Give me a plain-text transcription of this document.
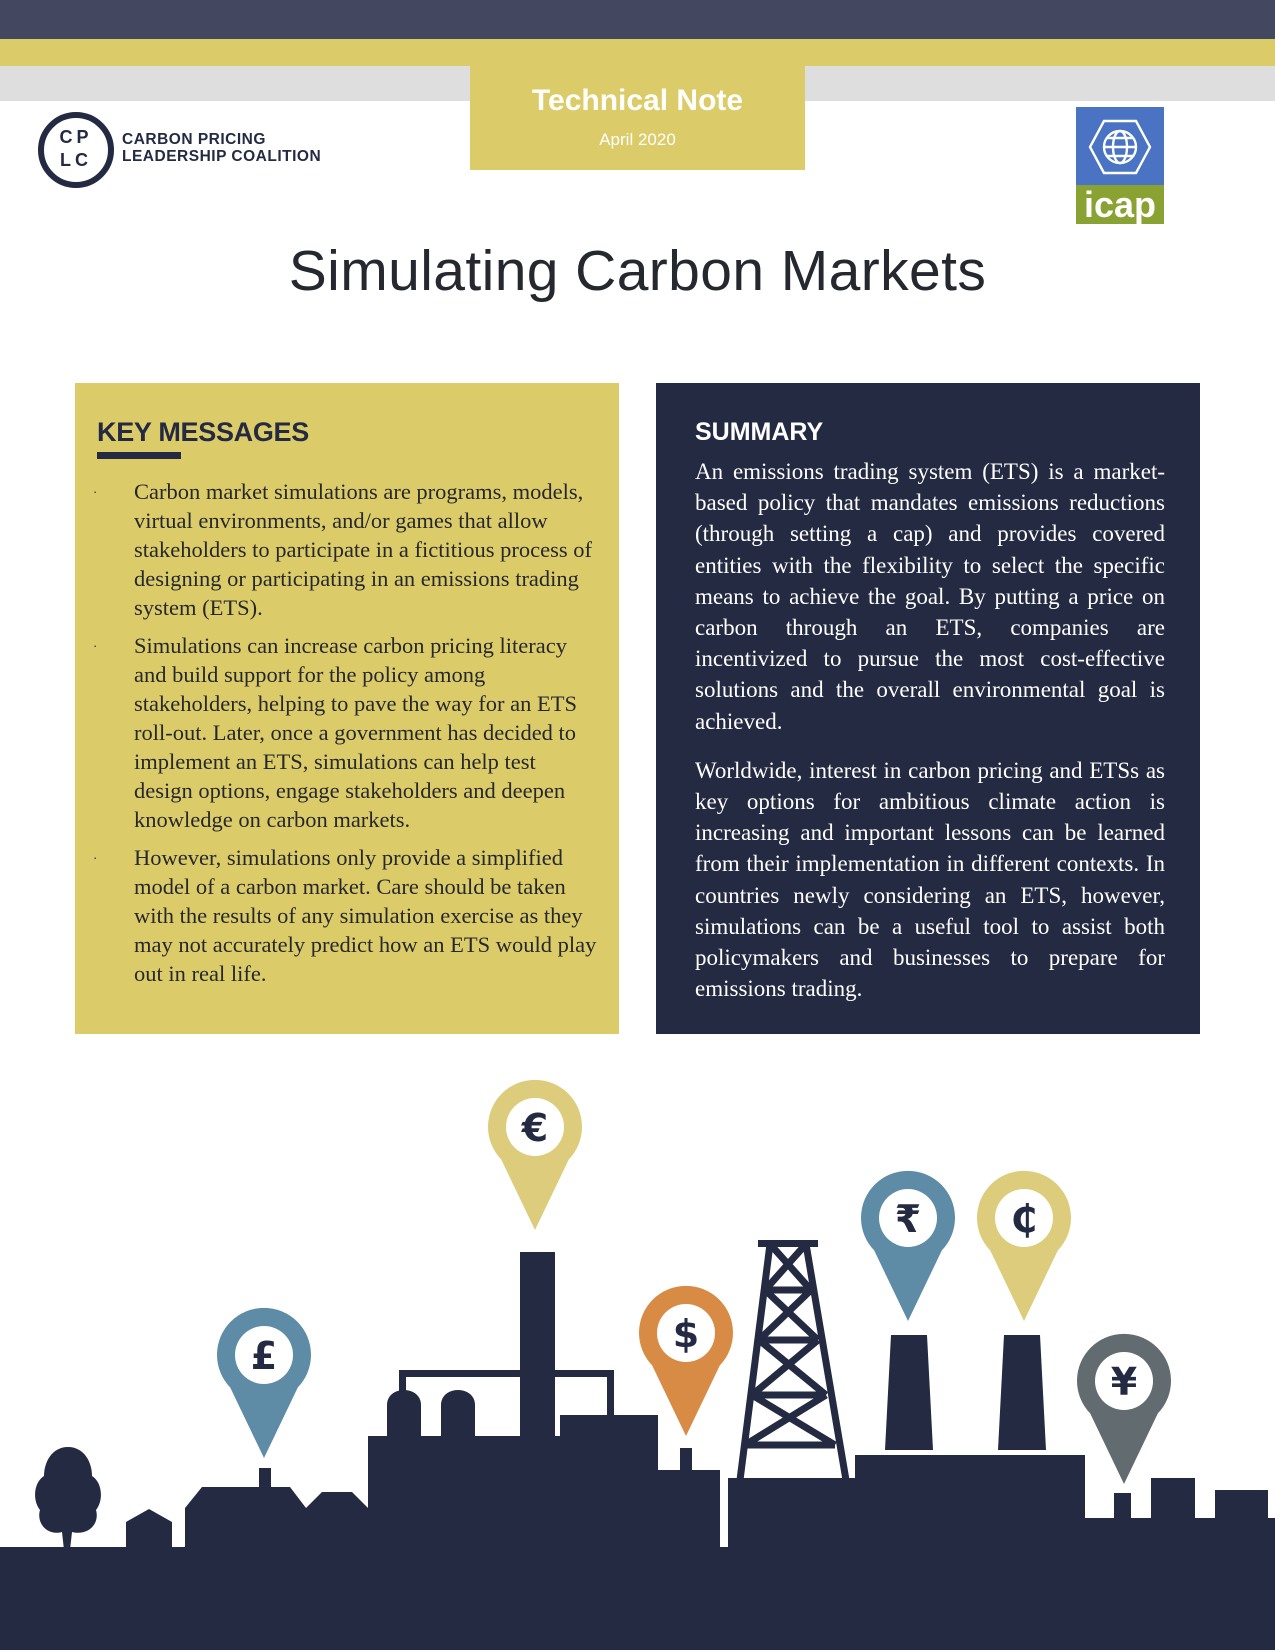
Technical Note
April 2020
CP
LC
CARBON PRICING
LEADERSHIP COALITION
icap
Simulating Carbon Markets
KEY MESSAGES
· Carbon market simulations are programs, models, virtual environments, and/or games that allow stakeholders to participate in a fictitious process of designing or participating in an emissions trading system (ETS).
· Simulations can increase carbon pricing literacy and build support for the policy among stakeholders, helping to pave the way for an ETS roll-out. Later, once a government has decided to implement an ETS, simulations can help test design options, engage stakeholders and deepen knowledge on carbon markets.
· However, simulations only provide a simplified model of a carbon market. Care should be taken with the results of any simulation exercise as they may not accurately predict how an ETS would play out in real life.
SUMMARY

An emissions trading system (ETS) is a market-based policy that mandates emissions reductions (through setting a cap) and provides covered entities with the flexibility to select the specific means to achieve the goal. By putting a price on carbon through an ETS, companies are incentivized to pursue the most cost-effective solutions and the overall environmental goal is achieved.

Worldwide, interest in carbon pricing and ETSs as key options for ambitious climate action is increasing and important lessons can be learned from their implementation in different contexts. In countries newly considering an ETS, however, simulations can be a useful tool to assist both policymakers and businesses to prepare for emissions trading.

£
€
$
₹ ₵
¥
